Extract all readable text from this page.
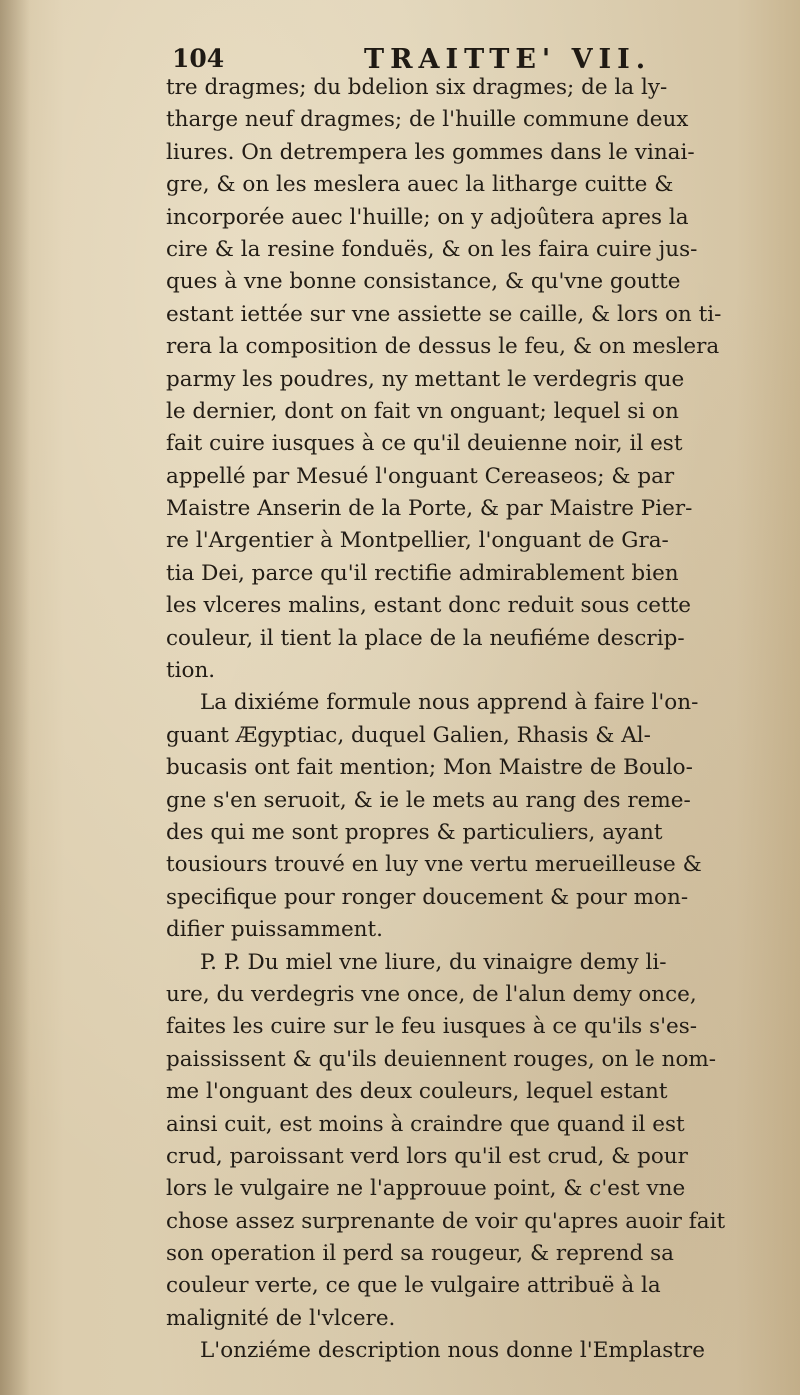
104	TRAITTE' VII.
tre dragmes; du bdelion six dragmes; de la ly-
tharge neuf dragmes; de l'huille commune deux
liures. On detrempera les gommes dans le vinai-
gre, & on les meslera auec la litharge cuitte &
incorporée auec l'huille; on y adjoûtera apres la
cire & la resine fonduës, & on les faira cuire jus-
ques à vne bonne consistance, & qu'vne goutte
estant iettée sur vne assiette se caille, & lors on ti-
rera la composition de dessus le feu, & on meslera
parmy les poudres, ny mettant le verdegris que
le dernier, dont on fait vn onguant; lequel si on
fait cuire iusques à ce qu'il deuienne noir, il est
appellé par Mesué l'onguant Cereaseos; & par
Maistre Anserin de la Porte, & par Maistre Pier-
re l'Argentier à Montpellier, l'onguant de Gra-
tia Dei, parce qu'il rectifie admirablement bien
les vlceres malins, estant donc reduit sous cette
couleur, il tient la place de la neufiéme descrip-
tion.
La dixiéme formule nous apprend à faire l'on-
guant Ægyptiac, duquel Galien, Rhasis & Al-
bucasis ont fait mention; Mon Maistre de Boulo-
gne s'en seruoit, & ie le mets au rang des reme-
des qui me sont propres & particuliers, ayant
tousiours trouvé en luy vne vertu merueilleuse &
specifique pour ronger doucement & pour mon-
difier puissamment.
P. P. Du miel vne liure, du vinaigre demy li-
ure, du verdegris vne once, de l'alun demy once,
faites les cuire sur le feu iusques à ce qu'ils s'es-
paississent & qu'ils deuiennent rouges, on le nom-
me l'onguant des deux couleurs, lequel estant
ainsi cuit, est moins à craindre que quand il est
crud, paroissant verd lors qu'il est crud, & pour
lors le vulgaire ne l'approuue point, & c'est vne
chose assez surprenante de voir qu'apres auoir fait
son operation il perd sa rougeur, & reprend sa
couleur verte, ce que le vulgaire attribuë à la
malignité de l'vlcere.
L'onziéme description nous donne l'Emplastre
